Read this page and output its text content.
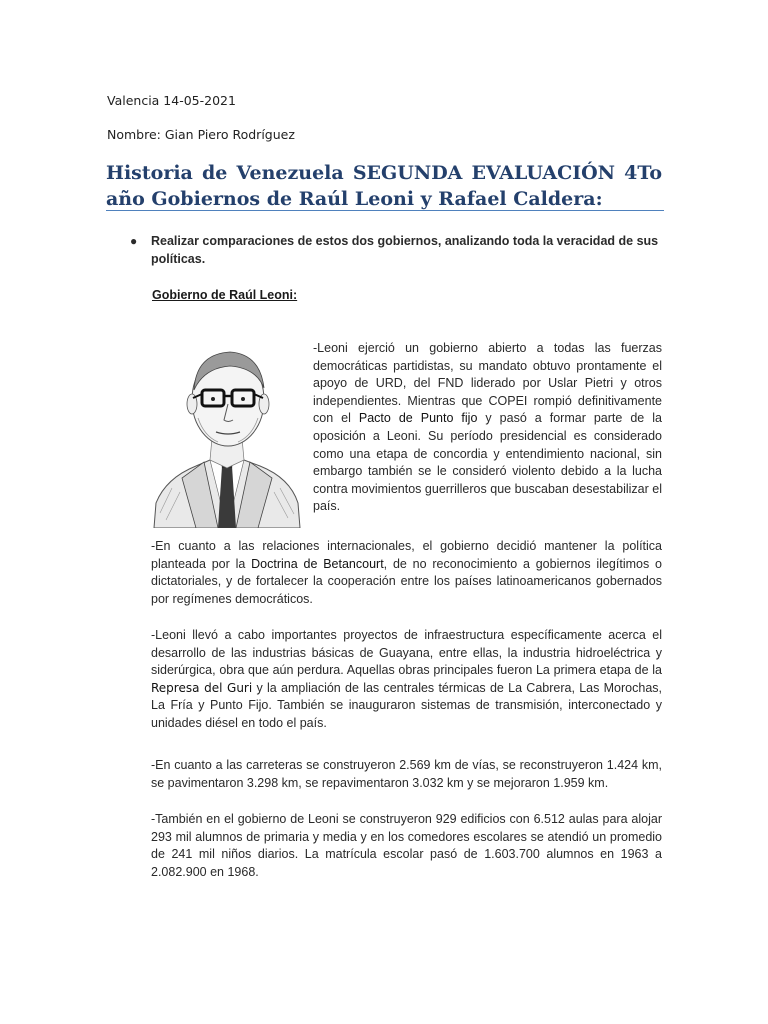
Valencia 14-05-2021
Nombre: Gian Piero Rodríguez
Historia de Venezuela SEGUNDA EVALUACIÓN 4To año Gobiernos de Raúl Leoni y Rafael Caldera:
● Realizar comparaciones de estos dos gobiernos, analizando toda la veracidad de sus políticas.
Gobierno de Raúl Leoni:

-Leoni ejerció un gobierno abierto a todas las fuerzas democráticas partidistas, su mandato obtuvo prontamente el apoyo de URD, del FND liderado por Uslar Pietri y otros independientes. Mientras que COPEI rompió definitivamente con el Pacto de Punto fijo y pasó a formar parte de la oposición a Leoni. Su período presidencial es considerado como una etapa de concordia y entendimiento nacional, sin embargo también se le consideró violento debido a la lucha contra movimientos guerrilleros que buscaban desestabilizar el país.

-En cuanto a las relaciones internacionales, el gobierno decidió mantener la política planteada por la Doctrina de Betancourt, de no reconocimiento a gobiernos ilegítimos o dictatoriales, y de fortalecer la cooperación entre los países latinoamericanos gobernados por regímenes democráticos.

-Leoni llevó a cabo importantes proyectos de infraestructura específicamente acerca el desarrollo de las industrias básicas de Guayana, entre ellas, la industria hidroeléctrica y siderúrgica, obra que aún perdura. Aquellas obras principales fueron La primera etapa de la Represa del Guri y la ampliación de las centrales térmicas de La Cabrera, Las Morochas, La Fría y Punto Fijo. También se inauguraron sistemas de transmisión, interconectado y unidades diésel en todo el país.

-En cuanto a las carreteras se construyeron 2.569 km de vías, se reconstruyeron 1.424 km, se pavimentaron 3.298 km, se repavimentaron 3.032 km y se mejoraron 1.959 km.

-También en el gobierno de Leoni se construyeron 929 edificios con 6.512 aulas para alojar 293 mil alumnos de primaria y media y en los comedores escolares se atendió un promedio de 241 mil niños diarios. La matrícula escolar pasó de 1.603.700 alumnos en 1963 a 2.082.900 en 1968.
